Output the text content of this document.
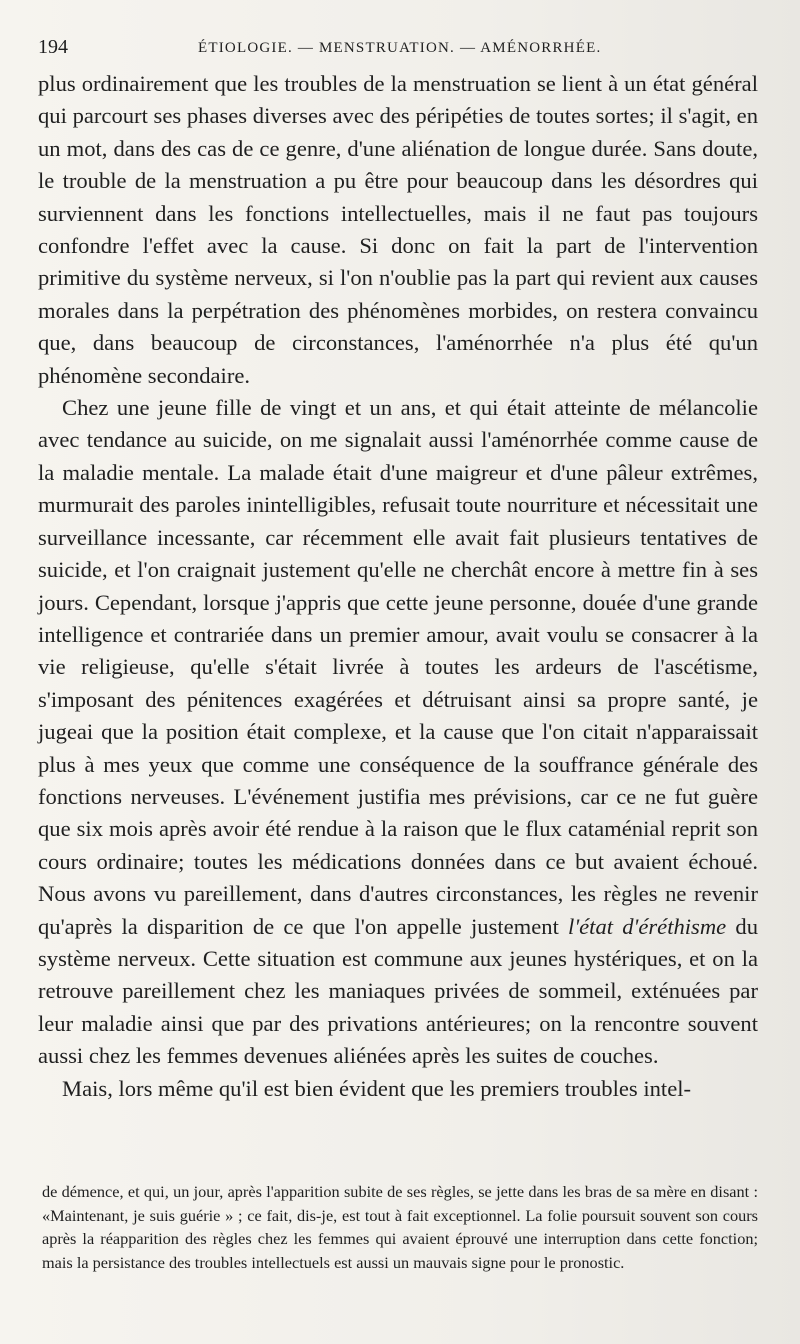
194	ÉTIOLOGIE. — MENSTRUATION. — AMÉNORRHÉE.

plus ordinairement que les troubles de la menstruation se lient à un état général qui parcourt ses phases diverses avec des péripéties de toutes sortes; il s'agit, en un mot, dans des cas de ce genre, d'une aliénation de longue durée. Sans doute, le trouble de la menstruation a pu être pour beaucoup dans les désordres qui surviennent dans les fonctions intellectuelles, mais il ne faut pas toujours confondre l'effet avec la cause. Si donc on fait la part de l'intervention primitive du système nerveux, si l'on n'oublie pas la part qui revient aux causes morales dans la perpétration des phénomènes morbides, on restera convaincu que, dans beaucoup de circonstances, l'aménorrhée n'a plus été qu'un phénomène secondaire.

Chez une jeune fille de vingt et un ans, et qui était atteinte de mélancolie avec tendance au suicide, on me signalait aussi l'aménorrhée comme cause de la maladie mentale. La malade était d'une maigreur et d'une pâleur extrêmes, murmurait des paroles inintelligibles, refusait toute nourriture et nécessitait une surveillance incessante, car récemment elle avait fait plusieurs tentatives de suicide, et l'on craignait justement qu'elle ne cherchât encore à mettre fin à ses jours. Cependant, lorsque j'appris que cette jeune personne, douée d'une grande intelligence et contrariée dans un premier amour, avait voulu se consacrer à la vie religieuse, qu'elle s'était livrée à toutes les ardeurs de l'ascétisme, s'imposant des pénitences exagérées et détruisant ainsi sa propre santé, je jugeai que la position était complexe, et la cause que l'on citait n'apparaissait plus à mes yeux que comme une conséquence de la souffrance générale des fonctions nerveuses. L'événement justifia mes prévisions, car ce ne fut guère que six mois après avoir été rendue à la raison que le flux cataménial reprit son cours ordinaire; toutes les médications données dans ce but avaient échoué. Nous avons vu pareillement, dans d'autres circonstances, les règles ne revenir qu'après la disparition de ce que l'on appelle justement l'état d'éréthisme du système nerveux. Cette situation est commune aux jeunes hystériques, et on la retrouve pareillement chez les maniaques privées de sommeil, exténuées par leur maladie ainsi que par des privations antérieures; on la rencontre souvent aussi chez les femmes devenues aliénées après les suites de couches.

Mais, lors même qu'il est bien évident que les premiers troubles intel-

de démence, et qui, un jour, après l'apparition subite de ses règles, se jette dans les bras de sa mère en disant : «Maintenant, je suis guérie » ; ce fait, dis-je, est tout à fait exceptionnel. La folie poursuit souvent son cours après la réapparition des règles chez les femmes qui avaient éprouvé une interruption dans cette fonction; mais la persistance des troubles intellectuels est aussi un mauvais signe pour le pronostic.
